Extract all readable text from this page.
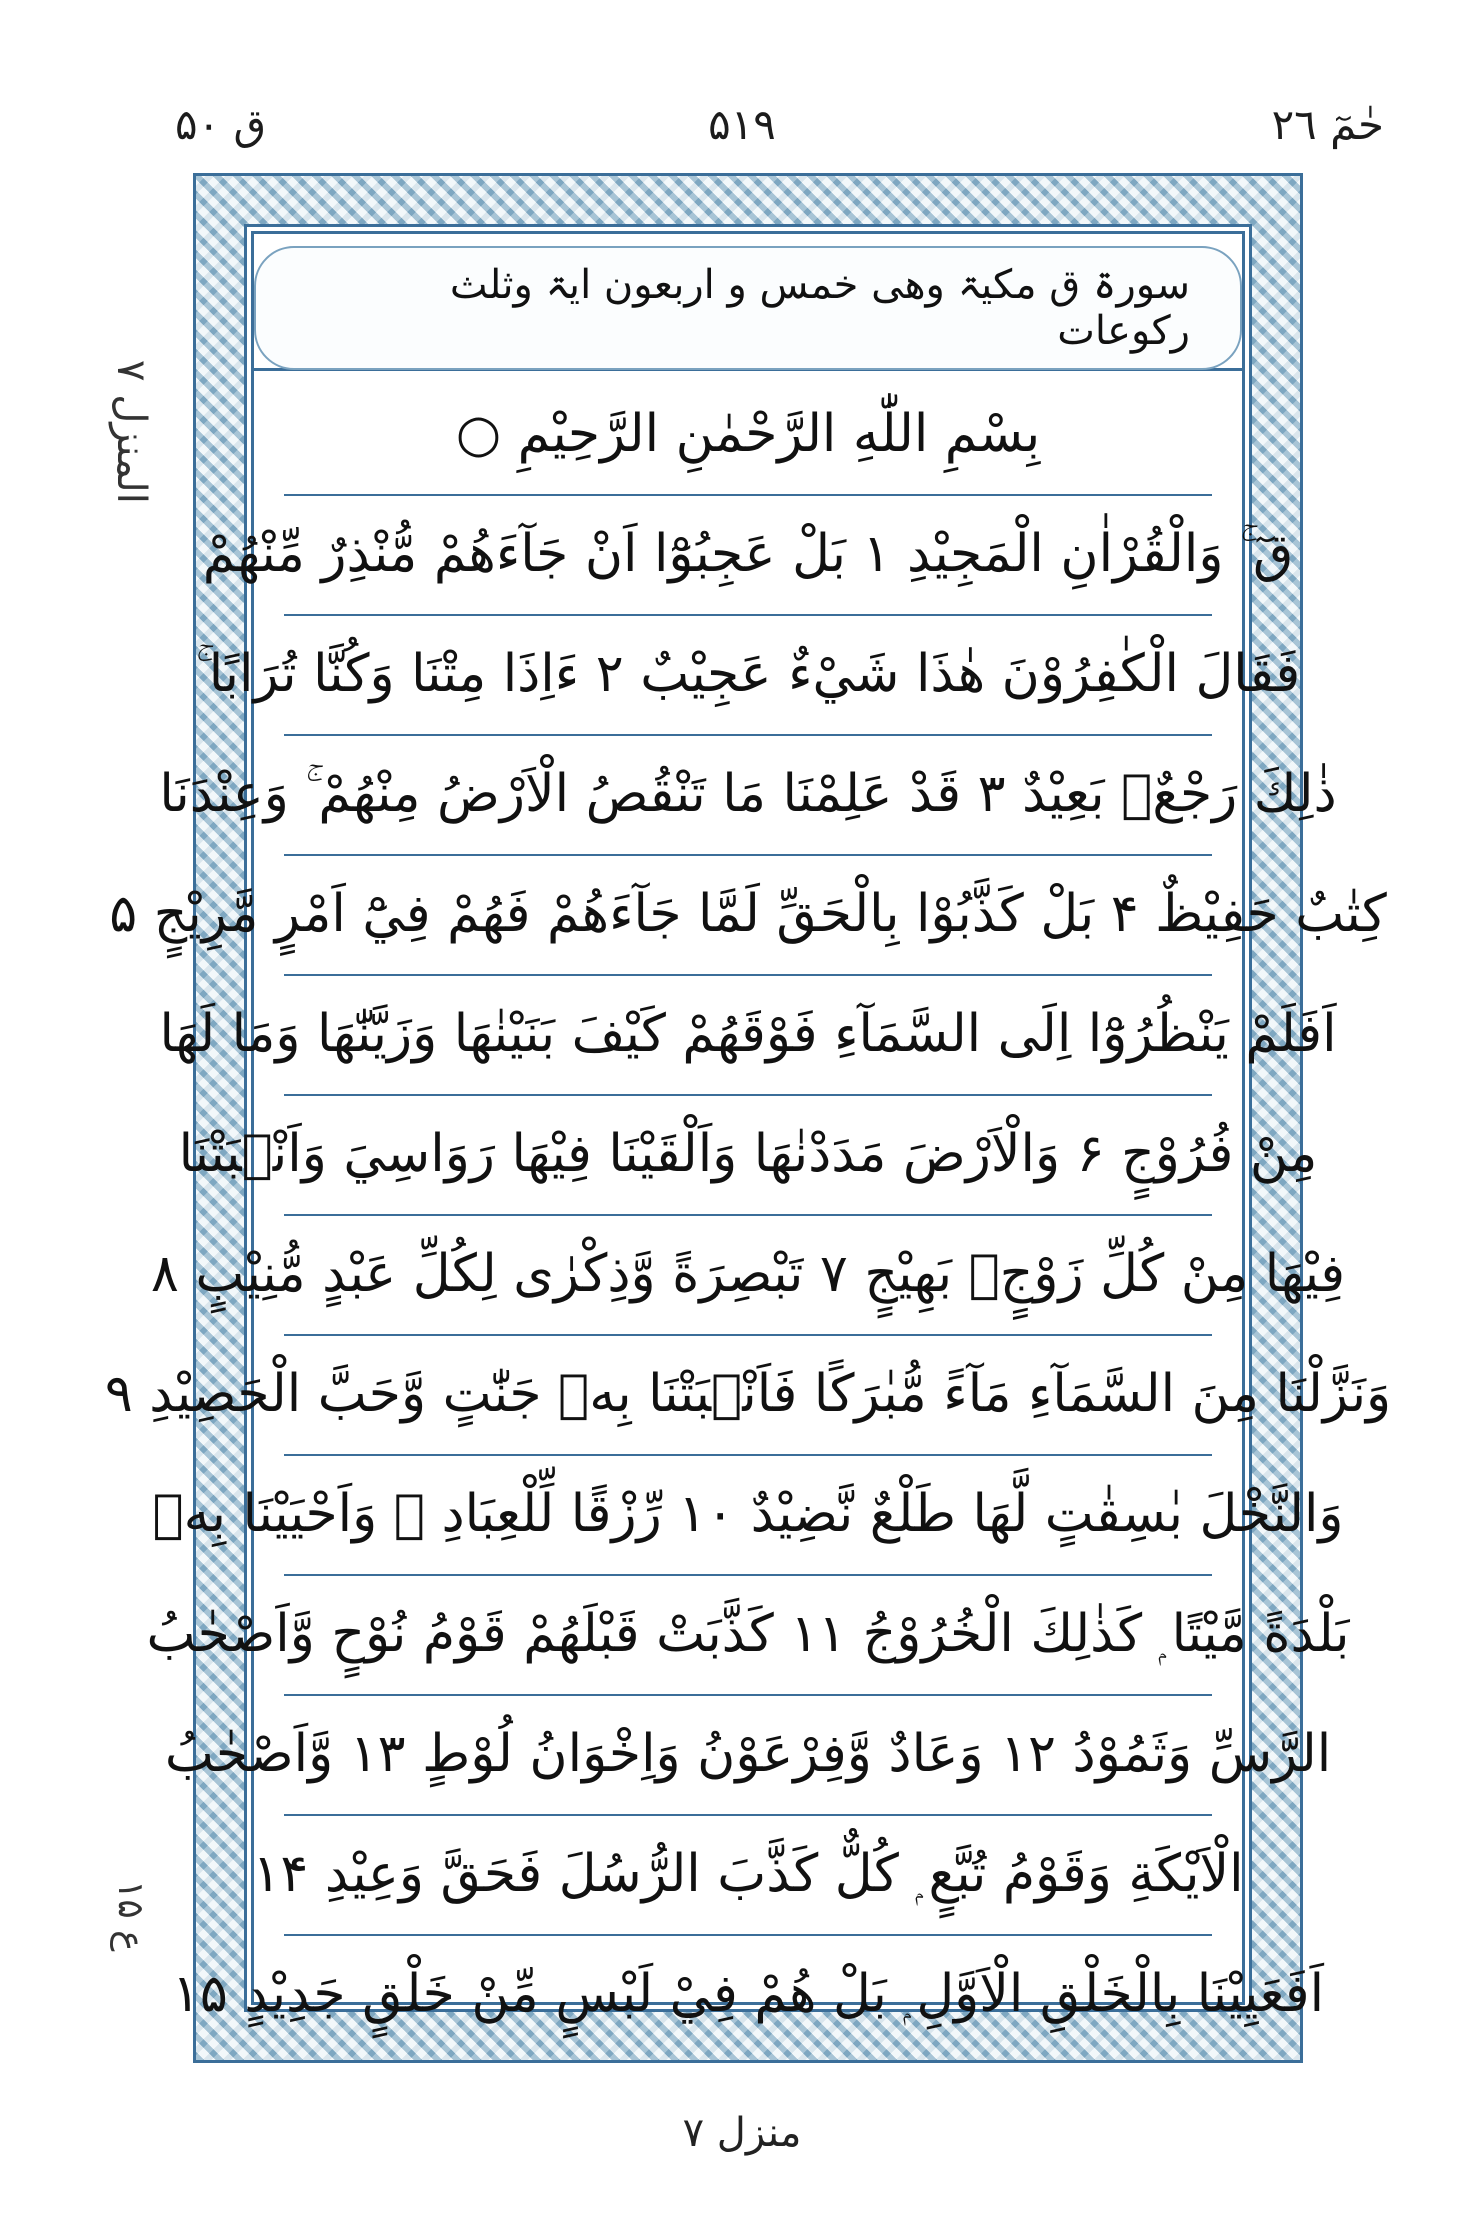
ق ۵۰	۵۱۹	حٰمٓ ۲٦
المنزل ۷
ع ۱۵
سورۃ ق مکیۃ وھی خمس و اربعون ایۃ وثلث رکوعات
بِسْمِ اللّٰهِ الرَّحْمٰنِ الرَّحِيْمِ ○
قٓ ۚ وَالْقُرْاٰنِ الْمَجِيْدِ ۱ بَلْ عَجِبُوْٓا اَنْ جَآءَهُمْ مُّنْذِرٌ مِّنْهُمْ
فَقَالَ الْكٰفِرُوْنَ هٰذَا شَيْءٌ عَجِيْبٌ ۲ ءَاِذَا مِتْنَا وَكُنَّا تُرَابًا ۚ
ذٰلِكَ رَجْعٌۢ بَعِيْدٌ ۳ قَدْ عَلِمْنَا مَا تَنْقُصُ الْاَرْضُ مِنْهُمْ ۚ وَعِنْدَنَا
كِتٰبٌ حَفِيْظٌ ۴ بَلْ كَذَّبُوْا بِالْحَقِّ لَمَّا جَآءَهُمْ فَهُمْ فِيْٓ اَمْرٍ مَّرِيْجٍ ۵
اَفَلَمْ يَنْظُرُوْٓا اِلَى السَّمَآءِ فَوْقَهُمْ كَيْفَ بَنَيْنٰهَا وَزَيَّنّٰهَا وَمَا لَهَا
مِنْ فُرُوْجٍ ۶ وَالْاَرْضَ مَدَدْنٰهَا وَاَلْقَيْنَا فِيْهَا رَوَاسِيَ وَاَنْۢبَتْنَا
فِيْهَا مِنْ كُلِّ زَوْجٍۢ بَهِيْجٍ ۷ تَبْصِرَةً وَّذِكْرٰى لِكُلِّ عَبْدٍ مُّنِيْبٍ ۸
وَنَزَّلْنَا مِنَ السَّمَآءِ مَآءً مُّبٰرَكًا فَاَنْۢبَتْنَا بِهٖ جَنّٰتٍ وَّحَبَّ الْحَصِيْدِ ۹
وَالنَّخْلَ بٰسِقٰتٍ لَّهَا طَلْعٌ نَّضِيْدٌ ۱۰ رِّزْقًا لِّلْعِبَادِ ۙ وَاَحْيَيْنَا بِهٖ
بَلْدَةً مَّيْتًا ۭ كَذٰلِكَ الْخُرُوْجُ ۱۱ كَذَّبَتْ قَبْلَهُمْ قَوْمُ نُوْحٍ وَّاَصْحٰبُ
الرَّسِّ وَثَمُوْدُ ۱۲ وَعَادٌ وَّفِرْعَوْنُ وَاِخْوَانُ لُوْطٍ ۱۳ وَّاَصْحٰبُ
الْاَيْكَةِ وَقَوْمُ تُبَّعٍ ۭ كُلٌّ كَذَّبَ الرُّسُلَ فَحَقَّ وَعِيْدِ ۱۴
اَفَعَيِيْنَا بِالْخَلْقِ الْاَوَّلِ ۭ بَلْ هُمْ فِيْ لَبْسٍ مِّنْ خَلْقٍ جَدِيْدٍ ۱۵
منزل ۷
